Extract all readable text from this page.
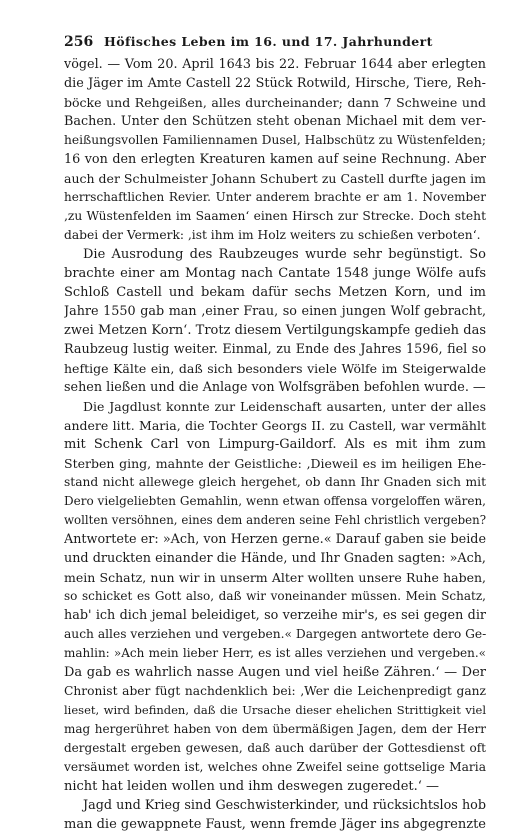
256 Höfisches Leben im 16. und 17. Jahrhundert
vögel. — Vom 20. April 1643 bis 22. Februar 1644 aber erlegten
die Jäger im Amte Castell 22 Stück Rotwild, Hirsche, Tiere, Reh-
böcke und Rehgeißen, alles durcheinander; dann 7 Schweine und
Bachen. Unter den Schützen steht obenan Michael mit dem ver-
heißungsvollen Familiennamen Dusel, Halbschütz zu Wüstenfelden;
16 von den erlegten Kreaturen kamen auf seine Rechnung. Aber
auch der Schulmeister Johann Schubert zu Castell durfte jagen im
herrschaftlichen Revier. Unter anderem brachte er am 1. November
‚zu Wüstenfelden im Saamen‘ einen Hirsch zur Strecke. Doch steht
dabei der Vermerk: ‚ist ihm im Holz weiters zu schießen verboten‘.
Die Ausrodung des Raubzeuges wurde sehr begünstigt. So
brachte einer am Montag nach Cantate 1548 junge Wölfe aufs
Schloß Castell und bekam dafür sechs Metzen Korn, und im
Jahre 1550 gab man ‚einer Frau, so einen jungen Wolf gebracht,
zwei Metzen Korn‘. Trotz diesem Vertilgungskampfe gedieh das
Raubzeug lustig weiter. Einmal, zu Ende des Jahres 1596, fiel so
heftige Kälte ein, daß sich besonders viele Wölfe im Steigerwalde
sehen ließen und die Anlage von Wolfsgräben befohlen wurde. —
Die Jagdlust konnte zur Leidenschaft ausarten, unter der alles
andere litt. Maria, die Tochter Georgs II. zu Castell, war vermählt
mit Schenk Carl von Limpurg-Gaildorf. Als es mit ihm zum
Sterben ging, mahnte der Geistliche: ‚Dieweil es im heiligen Ehe-
stand nicht allewege gleich hergehet, ob dann Ihr Gnaden sich mit
Dero vielgeliebten Gemahlin, wenn etwan offensa vorgeloffen wären,
wollten versöhnen, eines dem anderen seine Fehl christlich vergeben?
Antwortete er: »Ach, von Herzen gerne.« Darauf gaben sie beide
und druckten einander die Hände, und Ihr Gnaden sagten: »Ach,
mein Schatz, nun wir in unserm Alter wollten unsere Ruhe haben,
so schicket es Gott also, daß wir voneinander müssen. Mein Schatz,
hab' ich dich jemal beleidiget, so verzeihe mir's, es sei gegen dir
auch alles verziehen und vergeben.« Dargegen antwortete dero Ge-
mahlin: »Ach mein lieber Herr, es ist alles verziehen und vergeben.«
Da gab es wahrlich nasse Augen und viel heiße Zähren.‘ — Der
Chronist aber fügt nachdenklich bei: ‚Wer die Leichenpredigt ganz
lieset, wird befinden, daß die Ursache dieser ehelichen Strittigkeit viel
mag hergerühret haben von dem übermäßigen Jagen, dem der Herr
dergestalt ergeben gewesen, daß auch darüber der Gottesdienst oft
versäumet worden ist, welches ohne Zweifel seine gottselige Maria
nicht hat leiden wollen und ihm deswegen zugeredet.‘ —
Jagd und Krieg sind Geschwisterkinder, und rücksichtslos hob
man die gewappnete Faust, wenn fremde Jäger ins abgegrenzte
